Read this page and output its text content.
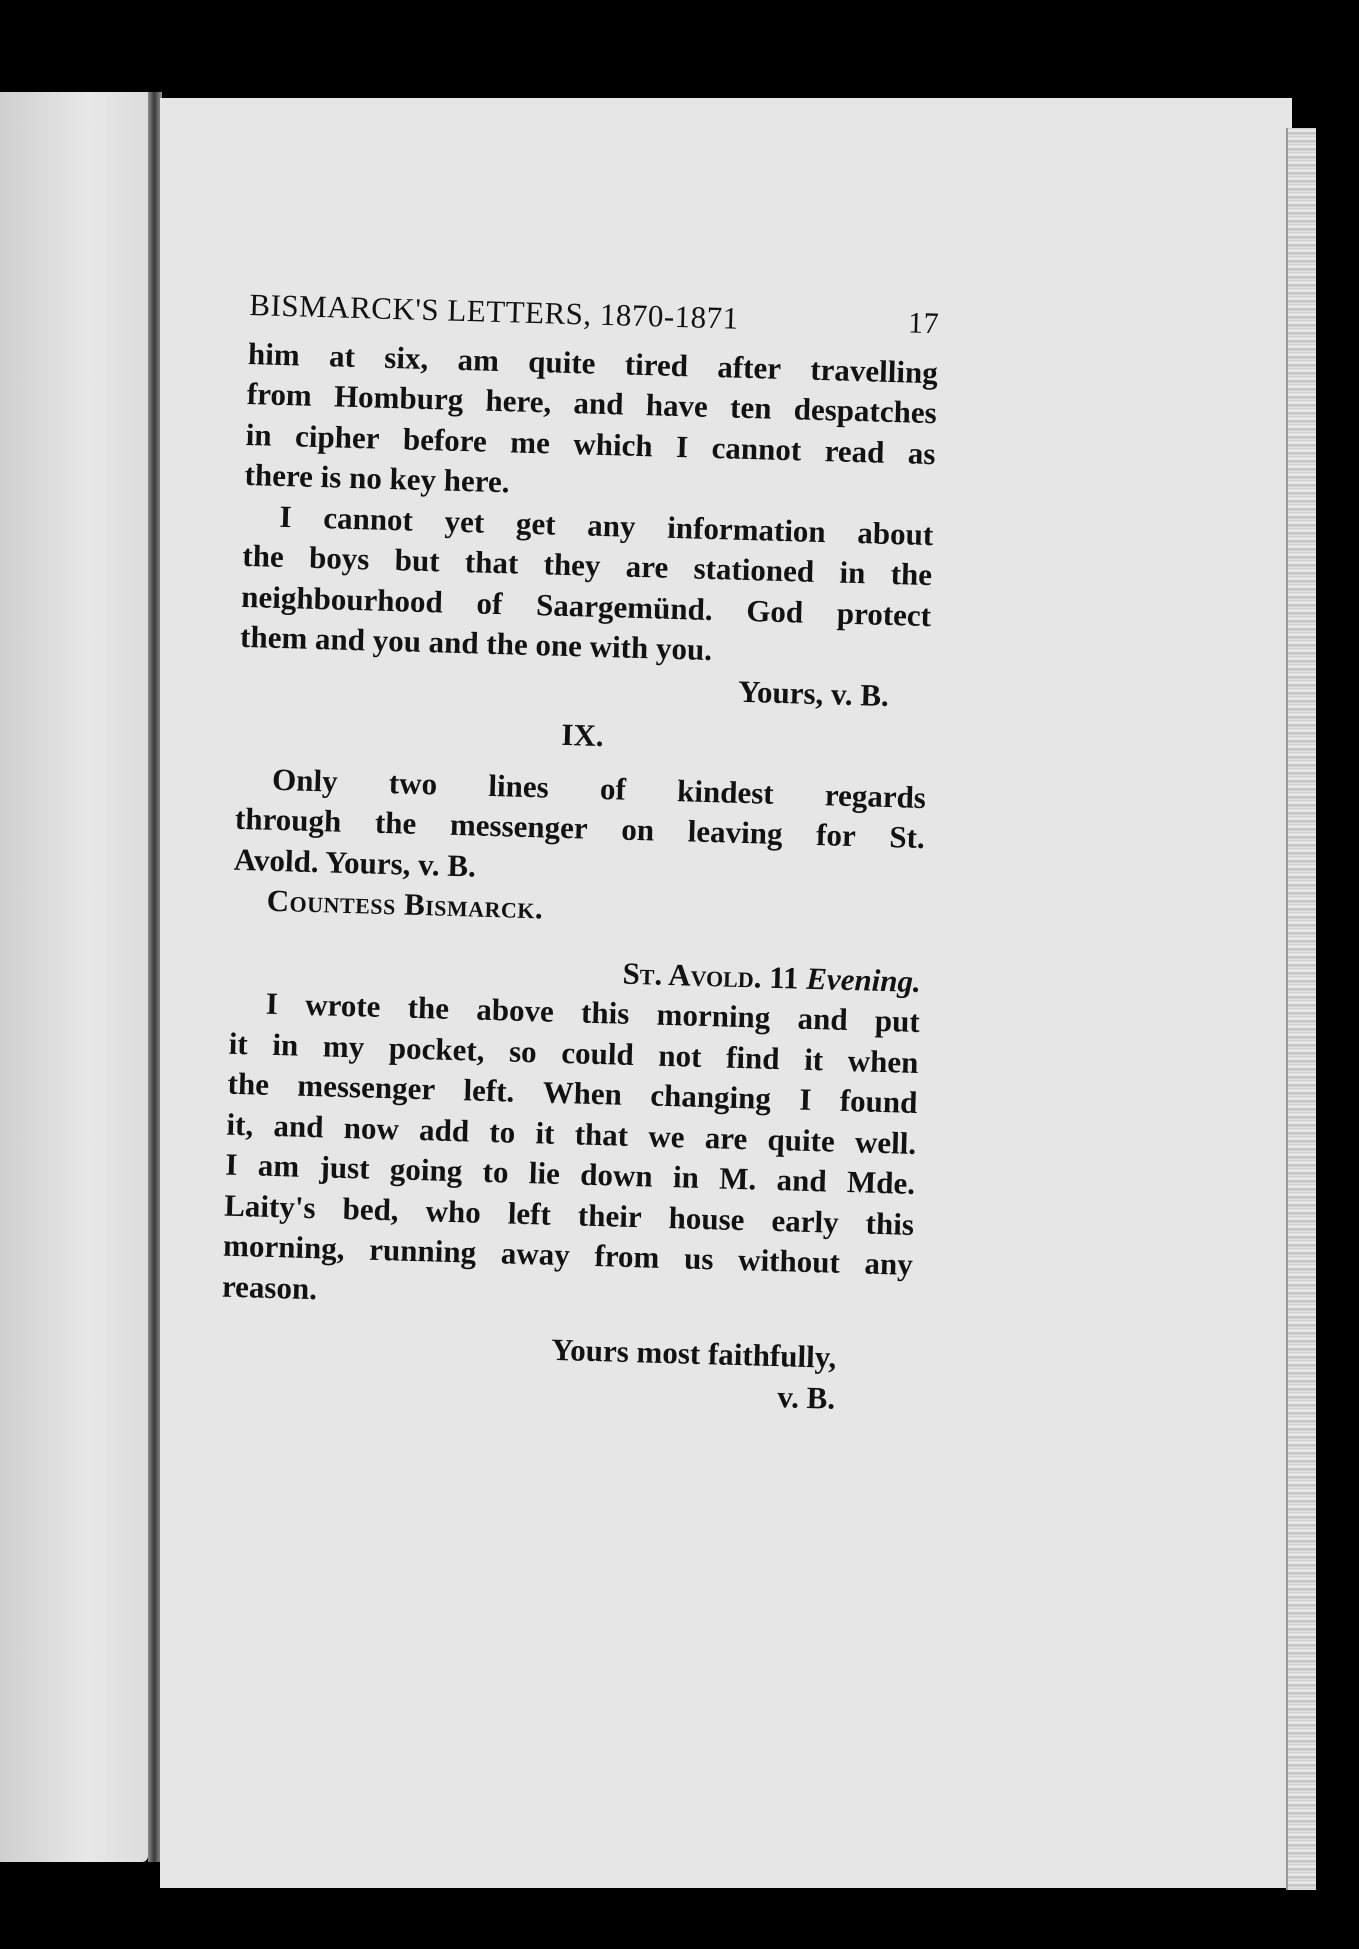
BISMARCK'S LETTERS, 1870-1871	17
him at six, am quite tired after travelling
from Homburg here, and have ten despatches
in cipher before me which I cannot read as
there is no key here.
I cannot yet get any information about
the boys but that they are stationed in the
neighbourhood of Saargemünd. God protect
them and you and the one with you.
Yours, v. B.
IX.
Only two lines of kindest regards
through the messenger on leaving for St.
Avold. Yours, v. B.
Countess Bismarck.
St. Avold. 11 Evening.
I wrote the above this morning and put
it in my pocket, so could not find it when
the messenger left. When changing I found
it, and now add to it that we are quite well.
I am just going to lie down in M. and Mde.
Laity's bed, who left their house early this
morning, running away from us without any
reason.
Yours most faithfully,
v. B.
